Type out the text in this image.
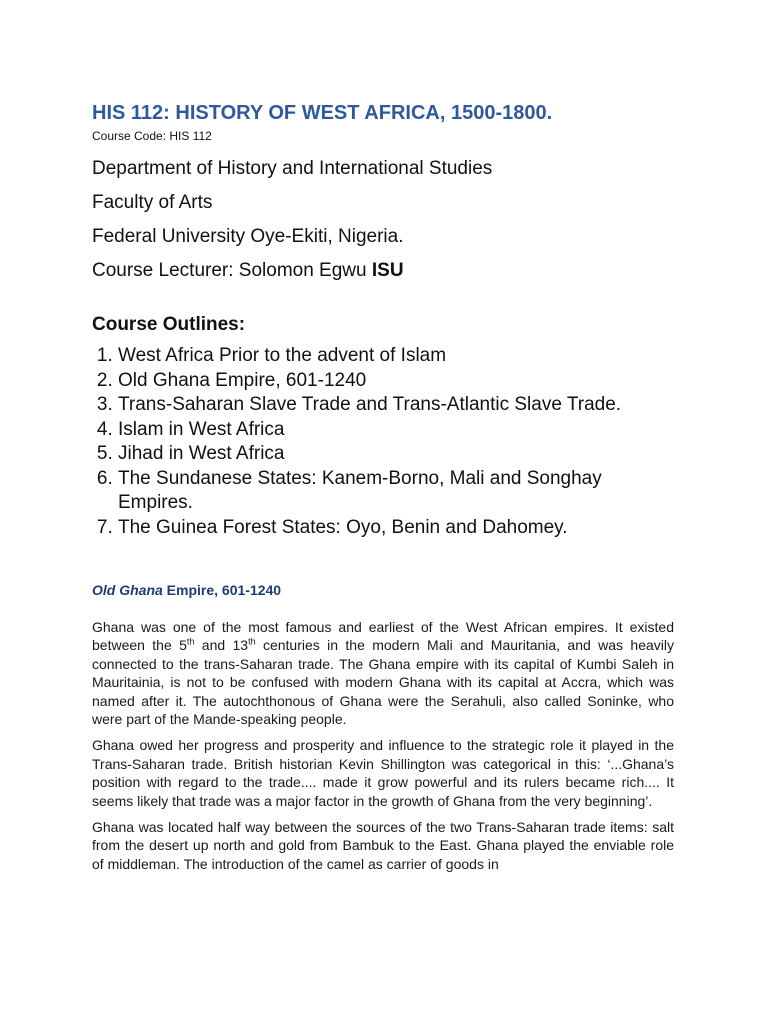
HIS 112: HISTORY OF WEST AFRICA, 1500-1800.

Course Code: HIS 112

Department of History and International Studies

Faculty of Arts

Federal University Oye-Ekiti, Nigeria.

Course Lecturer: Solomon Egwu ISU

Course Outlines:
1. West Africa Prior to the advent of Islam
2. Old Ghana Empire, 601-1240
3. Trans-Saharan Slave Trade and Trans-Atlantic Slave Trade.
4. Islam in West Africa
5. Jihad in West Africa
6. The Sundanese States: Kanem-Borno, Mali and Songhay Empires.
7. The Guinea Forest States: Oyo, Benin and Dahomey.
Old Ghana Empire, 601-1240

Ghana was one of the most famous and earliest of the West African empires. It existed between the 5th and 13th centuries in the modern Mali and Mauritania, and was heavily connected to the trans-Saharan trade. The Ghana empire with its capital of Kumbi Saleh in Mauritainia, is not to be confused with modern Ghana with its capital at Accra, which was named after it. The autochthonous of Ghana were the Serahuli, also called Soninke, who were part of the Mande-speaking people.

Ghana owed her progress and prosperity and influence to the strategic role it played in the Trans-Saharan trade. British historian Kevin Shillington was categorical in this: ‘...Ghana’s position with regard to the trade.... made it grow powerful and its rulers became rich.... It seems likely that trade was a major factor in the growth of Ghana from the very beginning’.

Ghana was located half way between the sources of the two Trans-Saharan trade items: salt from the desert up north and gold from Bambuk to the East. Ghana played the enviable role of middleman. The introduction of the camel as carrier of goods in
